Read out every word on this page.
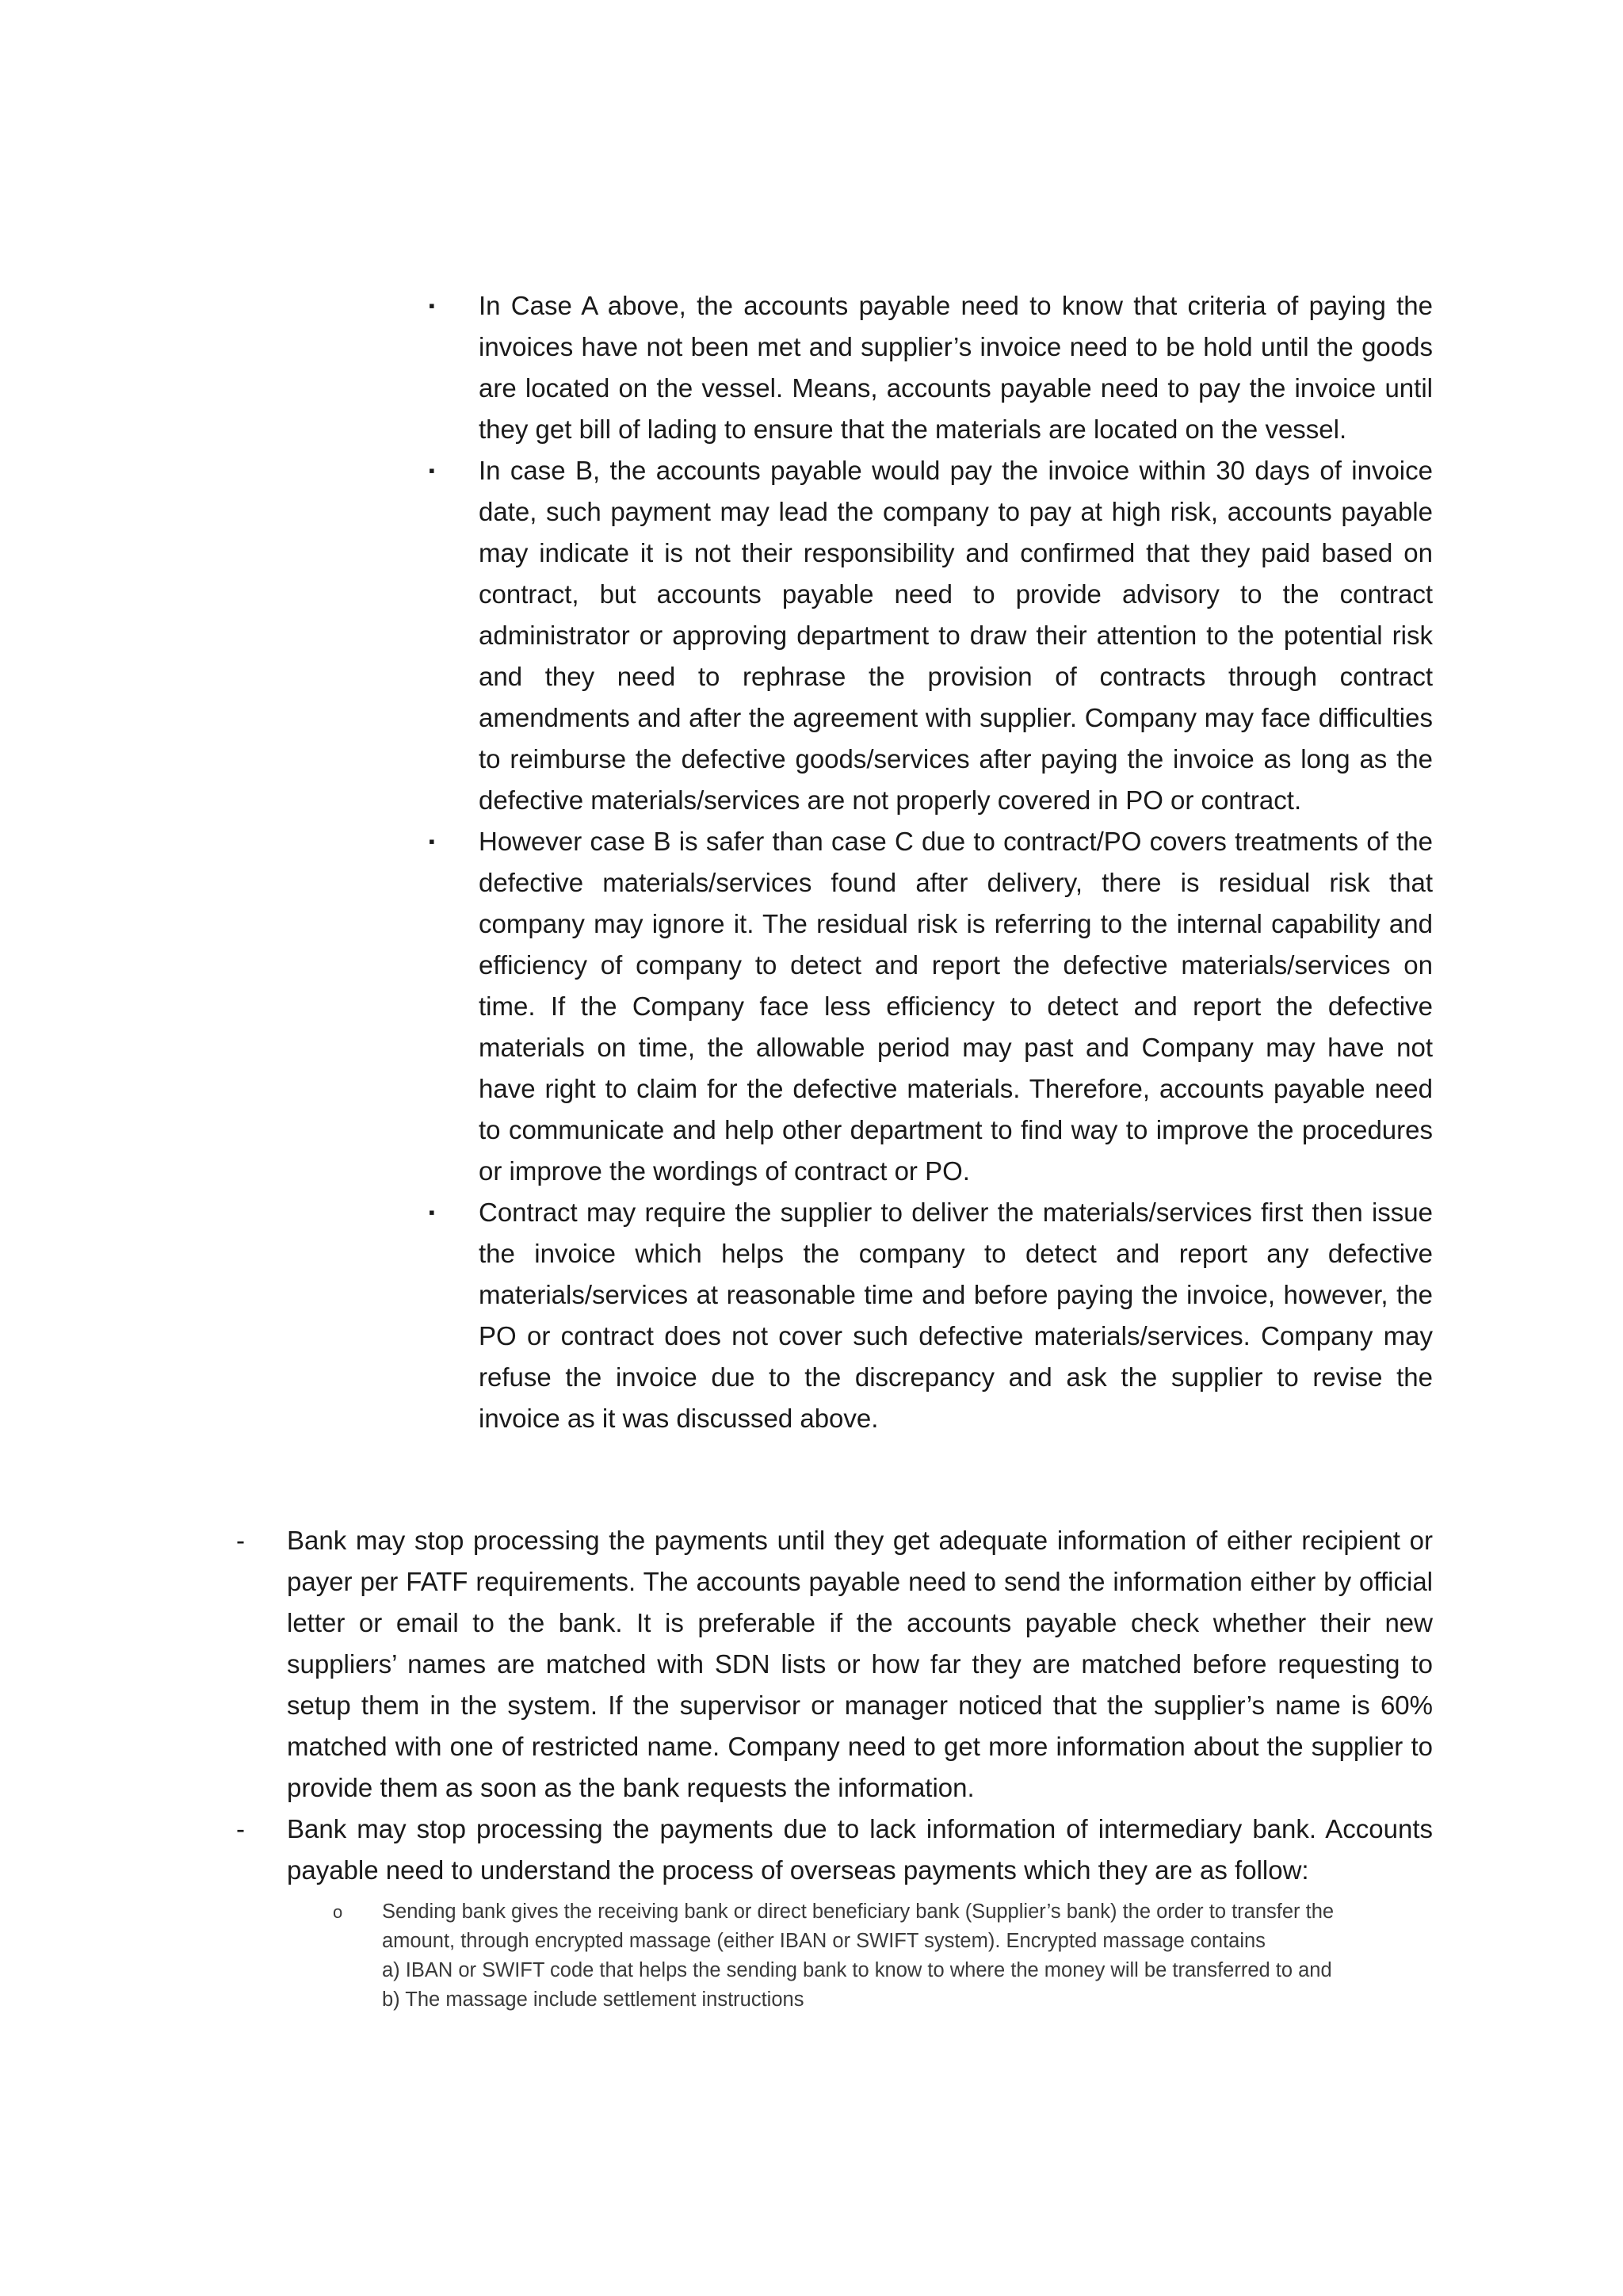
▪	In Case A above, the accounts payable need to know that criteria of paying the invoices have not been met and supplier’s invoice need to be hold until the goods are located on the vessel. Means, accounts payable need to pay the invoice until they get bill of lading to ensure that the materials are located on the vessel.
▪	In case B, the accounts payable would pay the invoice within 30 days of invoice date, such payment may lead the company to pay at high risk, accounts payable may indicate it is not their responsibility and confirmed that they paid based on contract, but accounts payable need to provide advisory to the contract administrator or approving department to draw their attention to the potential risk and they need to rephrase the provision of contracts through contract amendments and after the agreement with supplier. Company may face difficulties to reimburse the defective goods/services after paying the invoice as long as the defective materials/services are not properly covered in PO or contract.
▪	However case B is safer than case C due to contract/PO covers treatments of the defective materials/services found after delivery, there is residual risk that company may ignore it. The residual risk is referring to the internal capability and efficiency of company to detect and report the defective materials/services on time. If the Company face less efficiency to detect and report the defective materials on time, the allowable period may past and Company may have not have right to claim for the defective materials. Therefore, accounts payable need to communicate and help other department to find way to improve the procedures or improve the wordings of contract or PO.
▪	Contract may require the supplier to deliver the materials/services first then issue the invoice which helps the company to detect and report any defective materials/services at reasonable time and before paying the invoice, however, the PO or contract does not cover such defective materials/services. Company may refuse the invoice due to the discrepancy and ask the supplier to revise the invoice as it was discussed above.
- Bank may stop processing the payments until they get adequate information of either recipient or payer per FATF requirements. The accounts payable need to send the information either by official letter or email to the bank. It is preferable if the accounts payable check whether their new suppliers’ names are matched with SDN lists or how far they are matched before requesting to setup them in the system. If the supervisor or manager noticed that the supplier’s name is 60% matched with one of restricted name. Company need to get more information about the supplier to provide them as soon as the bank requests the information.
- Bank may stop processing the payments due to lack information of intermediary bank. Accounts payable need to understand the process of overseas payments which they are as follow:
o Sending bank gives the receiving bank or direct beneficiary bank (Supplier’s bank) the order to transfer the
amount, through encrypted massage (either IBAN or SWIFT system). Encrypted massage contains
a) IBAN or SWIFT code that helps the sending bank to know to where the money will be transferred to and
b) The massage include settlement instructions
